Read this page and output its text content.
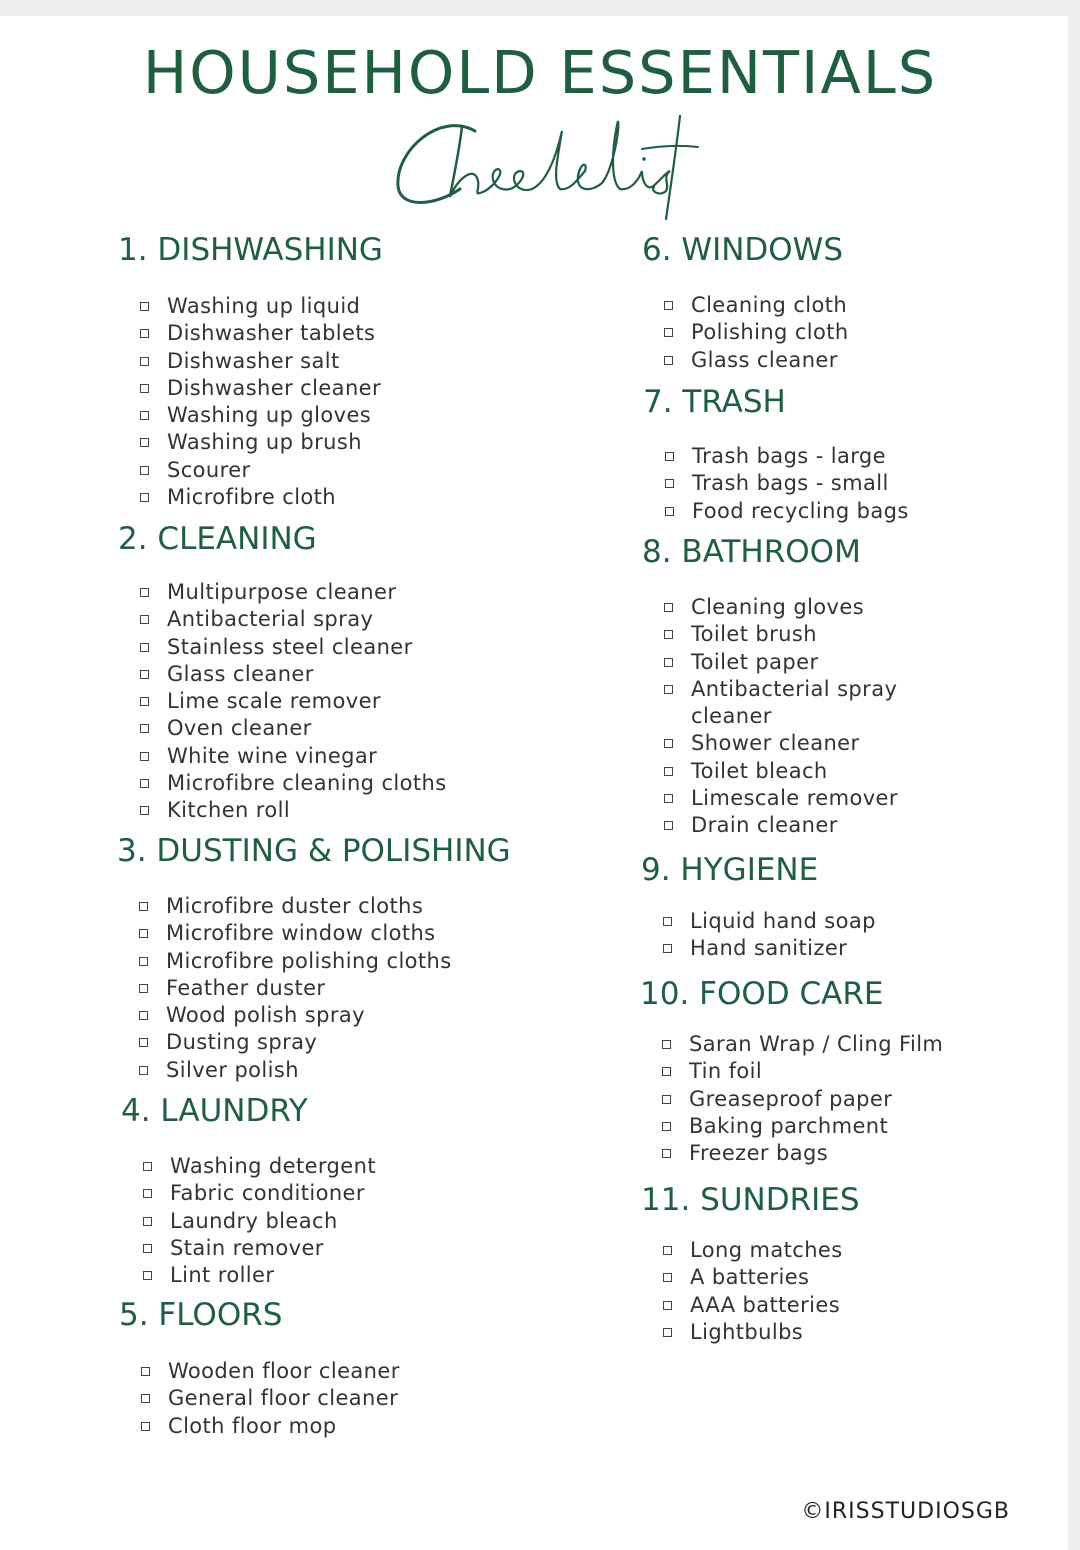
HOUSEHOLD ESSENTIALS
1. DISHWASHING
Washing up liquid
Dishwasher tablets
Dishwasher salt
Dishwasher cleaner
Washing up gloves
Washing up brush
Scourer
Microfibre cloth
2. CLEANING
Multipurpose cleaner
Antibacterial spray
Stainless steel cleaner
Glass cleaner
Lime scale remover
Oven cleaner
White wine vinegar
Microfibre cleaning cloths
Kitchen roll
3. DUSTING & POLISHING
Microfibre duster cloths
Microfibre window cloths
Microfibre polishing cloths
Feather duster
Wood polish spray
Dusting spray
Silver polish
4. LAUNDRY
Washing detergent
Fabric conditioner
Laundry bleach
Stain remover
Lint roller
5. FLOORS
Wooden floor cleaner
General floor cleaner
Cloth floor mop
6. WINDOWS
Cleaning cloth
Polishing cloth
Glass cleaner
7. TRASH
Trash bags - large
Trash bags - small
Food recycling bags
8. BATHROOM
Cleaning gloves
Toilet brush
Toilet paper
Antibacterial spray cleaner
Shower cleaner
Toilet bleach
Limescale remover
Drain cleaner
9. HYGIENE
Liquid hand soap
Hand sanitizer
10. FOOD CARE
Saran Wrap / Cling Film
Tin foil
Greaseproof paper
Baking parchment
Freezer bags
11. SUNDRIES
Long matches
A batteries
AAA batteries
Lightbulbs
©IRISSTUDIOSGB
